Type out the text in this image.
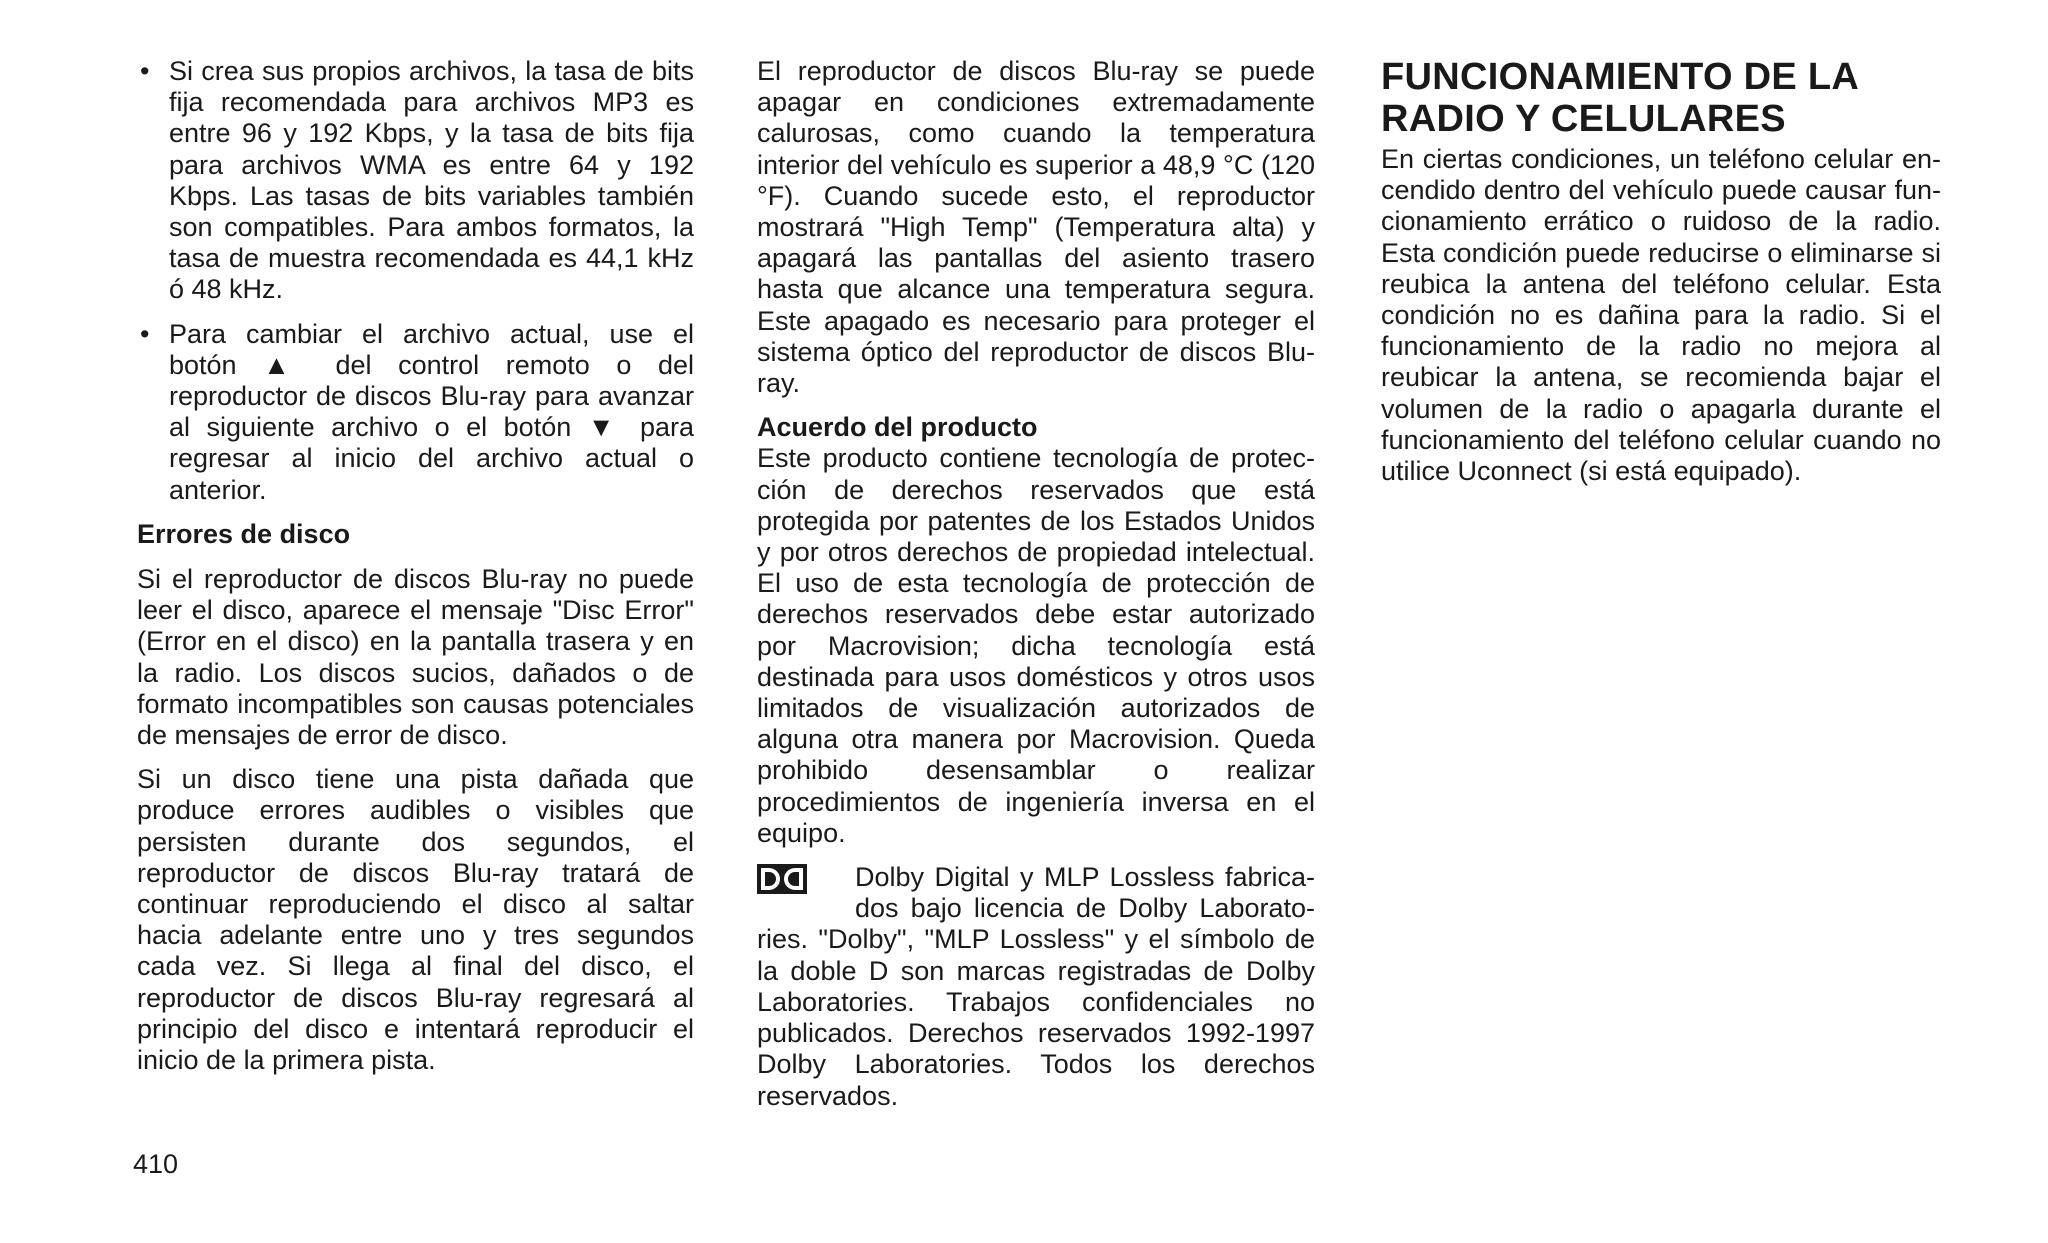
• Si crea sus propios archivos, la tasa de bits fija recomendada para archivos MP3 es entre 96 y 192 Kbps, y la tasa de bits fija para archivos WMA es entre 64 y 192 Kbps. Las tasas de bits variables también son compatibles. Para ambos formatos, la tasa de muestra recomendada es 44,1 kHz ó 48 kHz.
• Para cambiar el archivo actual, use el botón ▲ del control remoto o del reproductor de discos Blu-ray para avanzar al siguiente archivo o el botón ▼ para regresar al inicio del archivo actual o anterior.
Errores de disco

Si el reproductor de discos Blu-ray no puede leer el disco, aparece el mensaje "Disc Error" (Error en el disco) en la pantalla trasera y en la radio. Los discos sucios, dañados o de formato incompatibles son causas potenciales de mensajes de error de disco.

Si un disco tiene una pista dañada que produce errores audibles o visibles que persisten durante dos segundos, el reproductor de discos Blu-ray tratará de continuar reproduciendo el disco al saltar hacia adelante entre uno y tres segundos cada vez. Si llega al final del disco, el reproductor de discos Blu-ray regresará al principio del disco e intentará reproducir el inicio de la primera pista.

El reproductor de discos Blu-ray se puede apagar en condiciones extremadamente calurosas, como cuando la temperatura interior del vehículo es superior a 48,9 °C (120 °F). Cuando sucede esto, el reproductor mostrará "High Temp" (Temperatura alta) y apagará las pantallas del asiento trasero hasta que alcance una temperatura segura. Este apagado es necesario para proteger el sistema óptico del reproductor de discos Blu-ray.

Acuerdo del producto

Este producto contiene tecnología de protección de derechos reservados que está protegida por patentes de los Estados Unidos y por otros derechos de propiedad intelectual. El uso de esta tecnología de protección de derechos reservados debe estar autorizado por Macrovision; dicha tecnología está destinada para usos domésticos y otros usos limitados de visualización autorizados de alguna otra manera por Macrovision. Queda prohibido desensamblar o realizar procedimientos de ingeniería inversa en el equipo.

Dolby Digital y MLP Lossless fabricados bajo licencia de Dolby Laboratories. "Dolby", "MLP Lossless" y el símbolo de la doble D son marcas registradas de Dolby Laboratories. Trabajos confidenciales no publicados. Derechos reservados 1992-1997 Dolby Laboratories. Todos los derechos reservados.

FUNCIONAMIENTO DE LA RADIO Y CELULARES

En ciertas condiciones, un teléfono celular encendido dentro del vehículo puede causar funcionamiento errático o ruidoso de la radio. Esta condición puede reducirse o eliminarse si reubica la antena del teléfono celular. Esta condición no es dañina para la radio. Si el funcionamiento de la radio no mejora al reubicar la antena, se recomienda bajar el volumen de la radio o apagarla durante el funcionamiento del teléfono celular cuando no utilice Uconnect (si está equipado).

410
